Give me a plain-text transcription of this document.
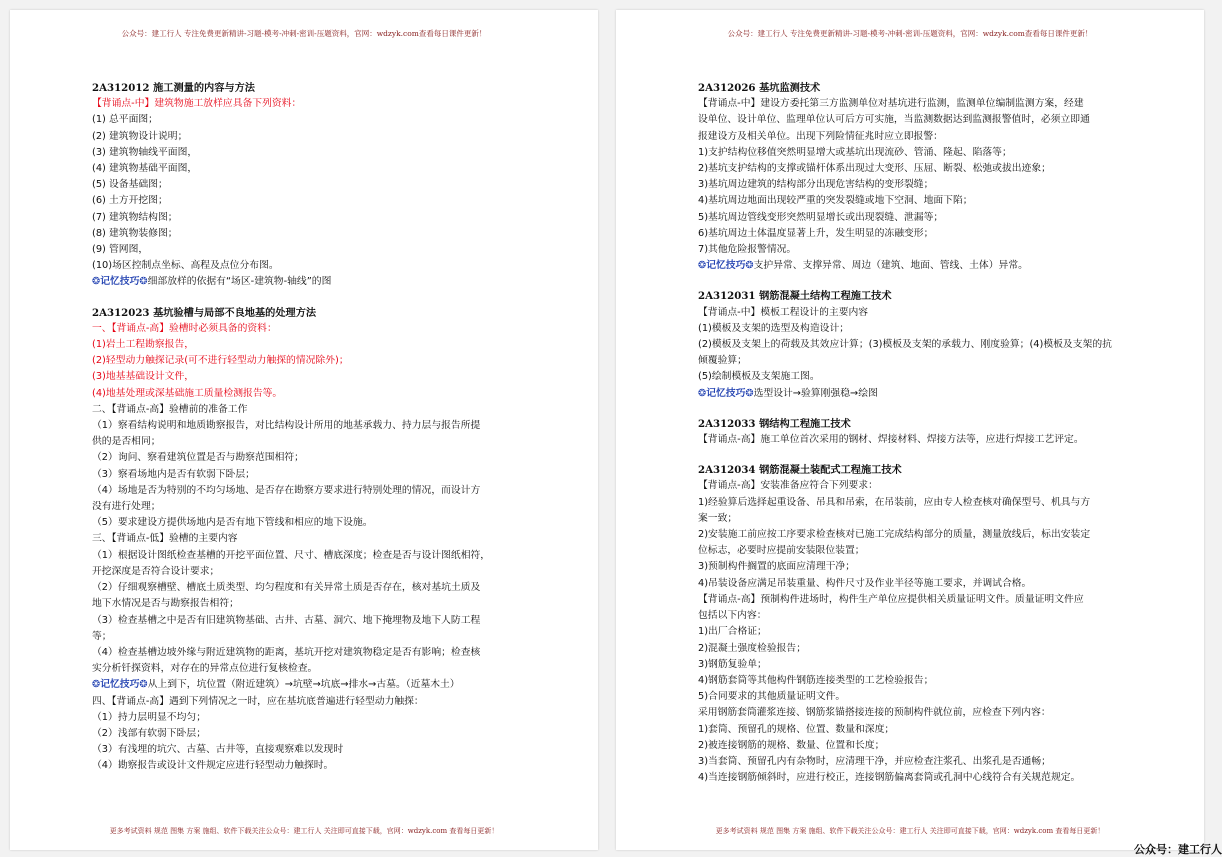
公众号：建工行人 专注免费更新精讲-习题-模考-冲刺-密训-压题资料，官网：wdzyk.com查看每日课件更新！
2A312012 施工测量的内容与方法
【背诵点-中】建筑物施工放样应具备下列资料：
(1) 总平面图；
(2) 建筑物设计说明；
(3) 建筑物轴线平面图，
(4) 建筑物基础平面图，
(5) 设备基础图；
(6) 土方开挖图；
(7) 建筑物结构图；
(8) 建筑物装修图；
(9) 管网图，
(10)场区控制点坐标、高程及点位分布图。
❂记忆技巧❂细部放样的依据有“场区-建筑物-轴线”的图
2A312023 基坑验槽与局部不良地基的处理方法
一、【背诵点-高】验槽时必须具备的资料：
(1)岩土工程勘察报告，
(2)轻型动力触探记录(可不进行轻型动力触探的情况除外)；
(3)地基基础设计文件，
(4)地基处理或深基础施工质量检测报告等。
二、【背诵点-高】验槽前的准备工作
（1）察看结构说明和地质勘察报告，对比结构设计所用的地基承载力、持力层与报告所提
供的是否相同；
（2）询问、察看建筑位置是否与勘察范围相符；
（3）察看场地内是否有软弱下卧层；
（4）场地是否为特别的不均匀场地、是否存在勘察方要求进行特别处理的情况，而设计方
没有进行处理；
（5）要求建设方提供场地内是否有地下管线和相应的地下设施。
三、【背诵点-低】验槽的主要内容
（1）根据设计图纸检查基槽的开挖平面位置、尺寸、槽底深度；检查是否与设计图纸相符，
开挖深度是否符合设计要求；
（2）仔细观察槽壁、槽底土质类型、均匀程度和有关异常土质是否存在，核对基坑土质及
地下水情况是否与勘察报告相符；
（3）检查基槽之中是否有旧建筑物基础、古井、古墓、洞穴、地下掩埋物及地下人防工程
等；
（4）检查基槽边坡外缘与附近建筑物的距离，基坑开挖对建筑物稳定是否有影响；检查核
实分析钎探资料，对存在的异常点位进行复核检查。
❂记忆技巧❂从上到下，坑位置（附近建筑）→坑壁→坑底→排水→古墓。（近墓木土）
四、【背诵点-高】遇到下列情况之一时，应在基坑底普遍进行轻型动力触探：
（1）持力层明显不均匀；
（2）浅部有软弱下卧层；
（3）有浅埋的坑穴、古墓、古井等，直接观察难以发现时
（4）勘察报告或设计文件规定应进行轻型动力触探时。
更多考试资料 规范 图集 方案 施组、软件下载关注公众号：建工行人 关注即可直接下载，官网：wdzyk.com 查看每日更新！
公众号：建工行人 专注免费更新精讲-习题-模考-冲刺-密训-压题资料，官网：wdzyk.com查看每日课件更新！
2A312026 基坑监测技术
【背诵点-中】建设方委托第三方监测单位对基坑进行监测，监测单位编制监测方案，经建
设单位、设计单位、监理单位认可后方可实施，当监测数据达到监测报警值时，必须立即通
报建设方及相关单位。出现下列险情征兆时应立即报警：
1)支护结构位移值突然明显增大或基坑出现流砂、管涌、隆起、陷落等；
2)基坑支护结构的支撑或锚杆体系出现过大变形、压屈、断裂、松弛或拔出迹象；
3)基坑周边建筑的结构部分出现危害结构的变形裂缝；
4)基坑周边地面出现较严重的突发裂缝或地下空洞、地面下陷；
5)基坑周边管线变形突然明显增长或出现裂缝、泄漏等；
6)基坑周边土体温度显著上升，发生明显的冻融变形；
7)其他危险报警情况。
❂记忆技巧❂支护异常、支撑异常、周边（建筑、地面、管线、土体）异常。
2A312031 钢筋混凝土结构工程施工技术
【背诵点-中】模板工程设计的主要内容
(1)模板及支架的选型及构造设计；
(2)模板及支架上的荷载及其效应计算；(3)模板及支架的承载力、刚度验算；(4)模板及支架的抗
倾覆验算；
(5)绘制模板及支架施工图。
❂记忆技巧❂选型设计→验算刚强稳→绘图
2A312033 钢结构工程施工技术
【背诵点-高】施工单位首次采用的钢材、焊接材料、焊接方法等，应进行焊接工艺评定。
2A312034 钢筋混凝土装配式工程施工技术
【背诵点-高】安装准备应符合下列要求：
1)经验算后选择起重设备、吊具和吊索，在吊装前，应由专人检查核对确保型号、机具与方
案一致；
2)安装施工前应按工序要求检查核对已施工完成结构部分的质量，测量放线后，标出安装定
位标志，必要时应提前安装限位装置；
3)预制构件搁置的底面应清理干净；
4)吊装设备应满足吊装重量、构件尺寸及作业半径等施工要求，并调试合格。
【背诵点-高】预制构件进场时，构件生产单位应提供相关质量证明文件。质量证明文件应
包括以下内容：
1)出厂合格证；
2)混凝土强度检验报告；
3)钢筋复验单；
4)钢筋套筒等其他构件钢筋连接类型的工艺检验报告；
5)合同要求的其他质量证明文件。
采用钢筋套筒灌浆连接、钢筋浆锚搭接连接的预制构件就位前，应检查下列内容：
1)套筒、预留孔的规格、位置、数量和深度；
2)被连接钢筋的规格、数量、位置和长度；
3)当套筒、预留孔内有杂物时，应清理干净，并应检查注浆孔、出浆孔是否通畅；
4)当连接钢筋倾斜时，应进行校正，连接钢筋偏离套筒或孔洞中心线符合有关规范规定。
更多考试资料 规范 图集 方案 施组、软件下载关注公众号：建工行人 关注即可直接下载，官网：wdzyk.com 查看每日更新！
公众号：建工行人
